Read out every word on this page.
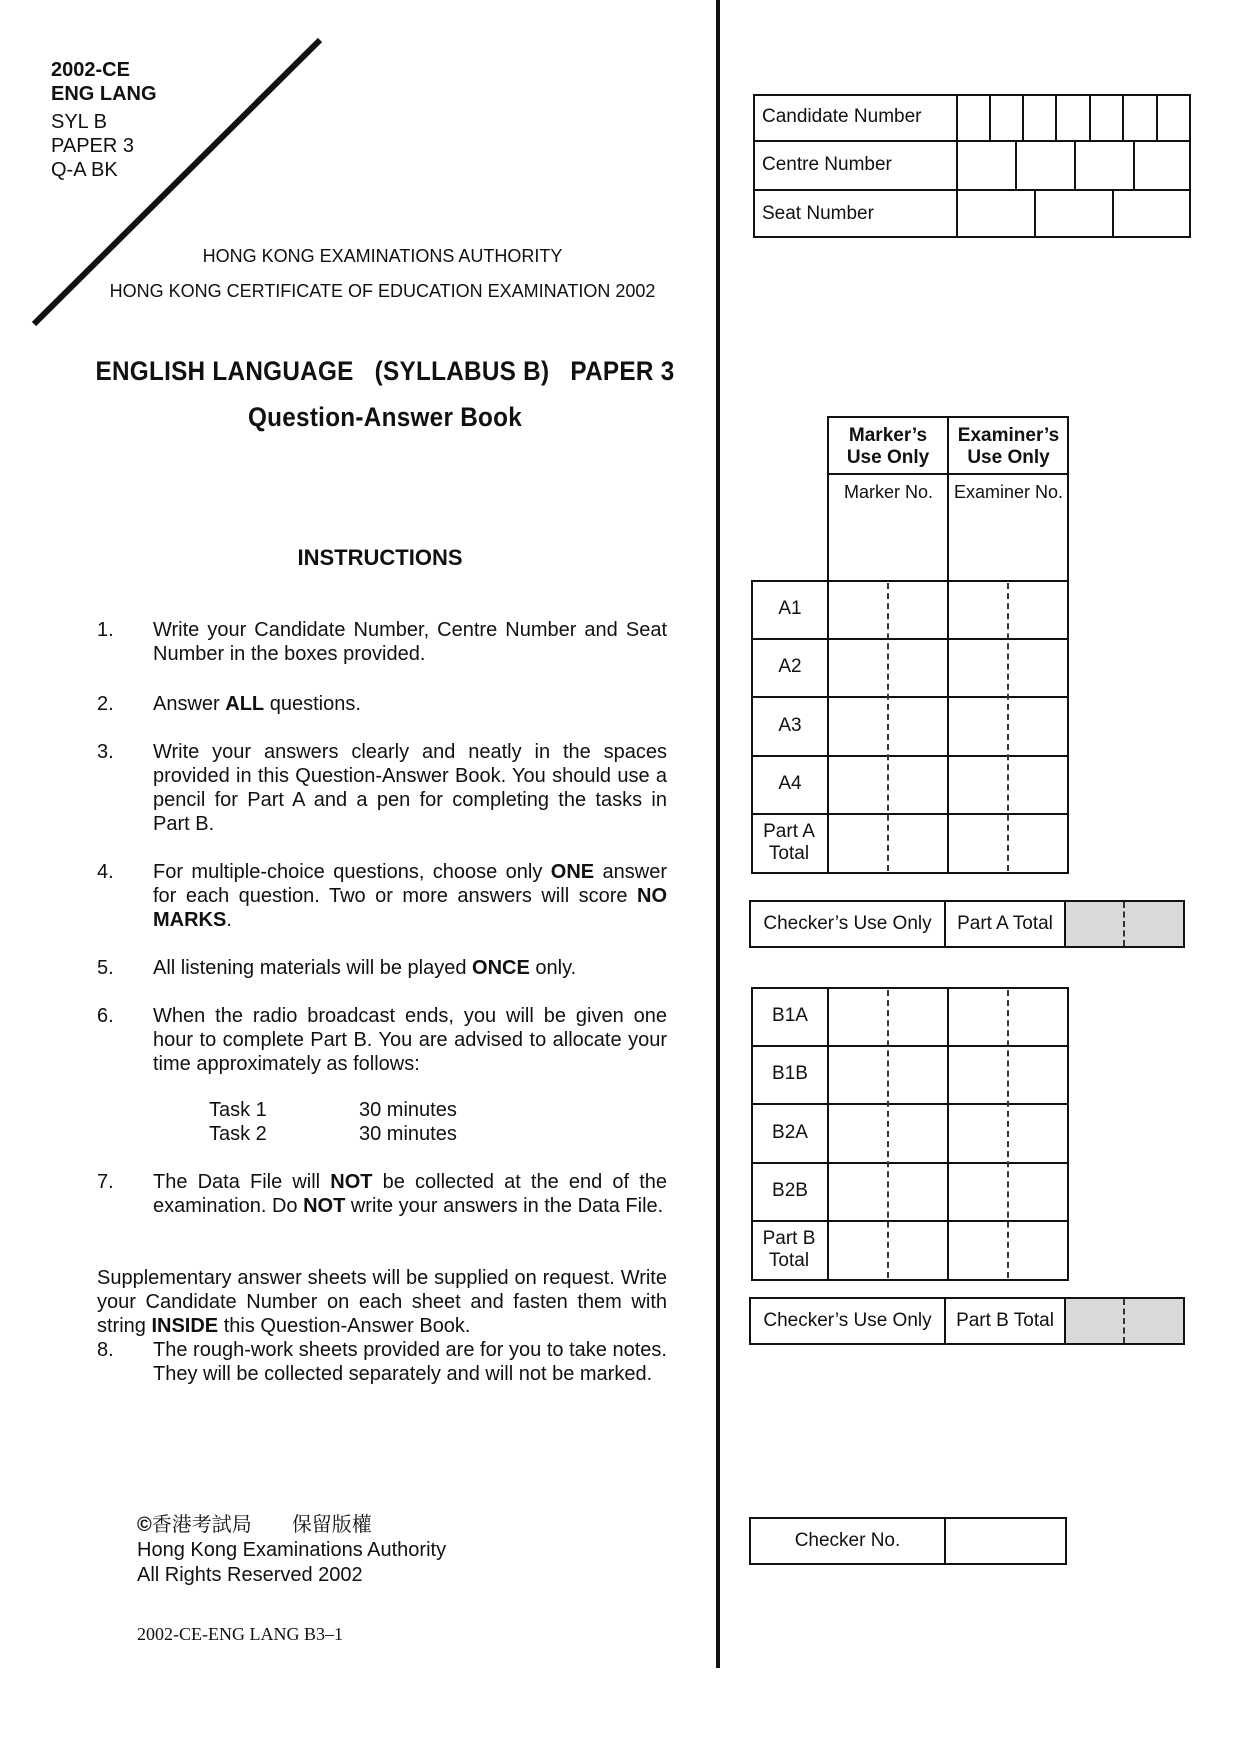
2002-CE
ENG LANG
SYL B
PAPER 3
Q-A BK
HONG KONG EXAMINATIONS AUTHORITY
HONG KONG CERTIFICATE OF EDUCATION EXAMINATION 2002
ENGLISH LANGUAGE   (SYLLABUS B)   PAPER 3
Question-Answer Book
INSTRUCTIONS
1.	Write your Candidate Number, Centre Number and Seat Number in the boxes provided.
2.	Answer ALL questions.
3.	Write your answers clearly and neatly in the spaces provided in this Question-Answer Book. You should use a pencil for Part A and a pen for completing the tasks in Part B.
4.	For multiple-choice questions, choose only ONE answer for each question. Two or more answers will score NO MARKS.
5.	All listening materials will be played ONCE only.
6.	When the radio broadcast ends, you will be given one hour to complete Part B. You are advised to allocate your time approximately as follows:
Task 1	30 minutes
Task 2	30 minutes
7.	The Data File will NOT be collected at the end of the examination. Do NOT write your answers in the Data File.
Supplementary answer sheets will be supplied on request. Write your Candidate Number on each sheet and fasten them with string INSIDE this Question-Answer Book.
8.	The rough-work sheets provided are for you to take notes. They will be collected separately and will not be marked.
©香港考試局　　保留版權
Hong Kong Examinations Authority
All Rights Reserved 2002
2002-CE-ENG LANG B3–1
Candidate Number
Centre Number
Seat Number
Marker’s Use Only
Examiner’s Use Only
Marker No.	Examiner No.
A1
A2
A3
A4
Part A Total
Checker’s Use Only	Part A Total
B1A
B1B
B2A
B2B
Part B Total
Checker’s Use Only	Part B Total
Checker No.
